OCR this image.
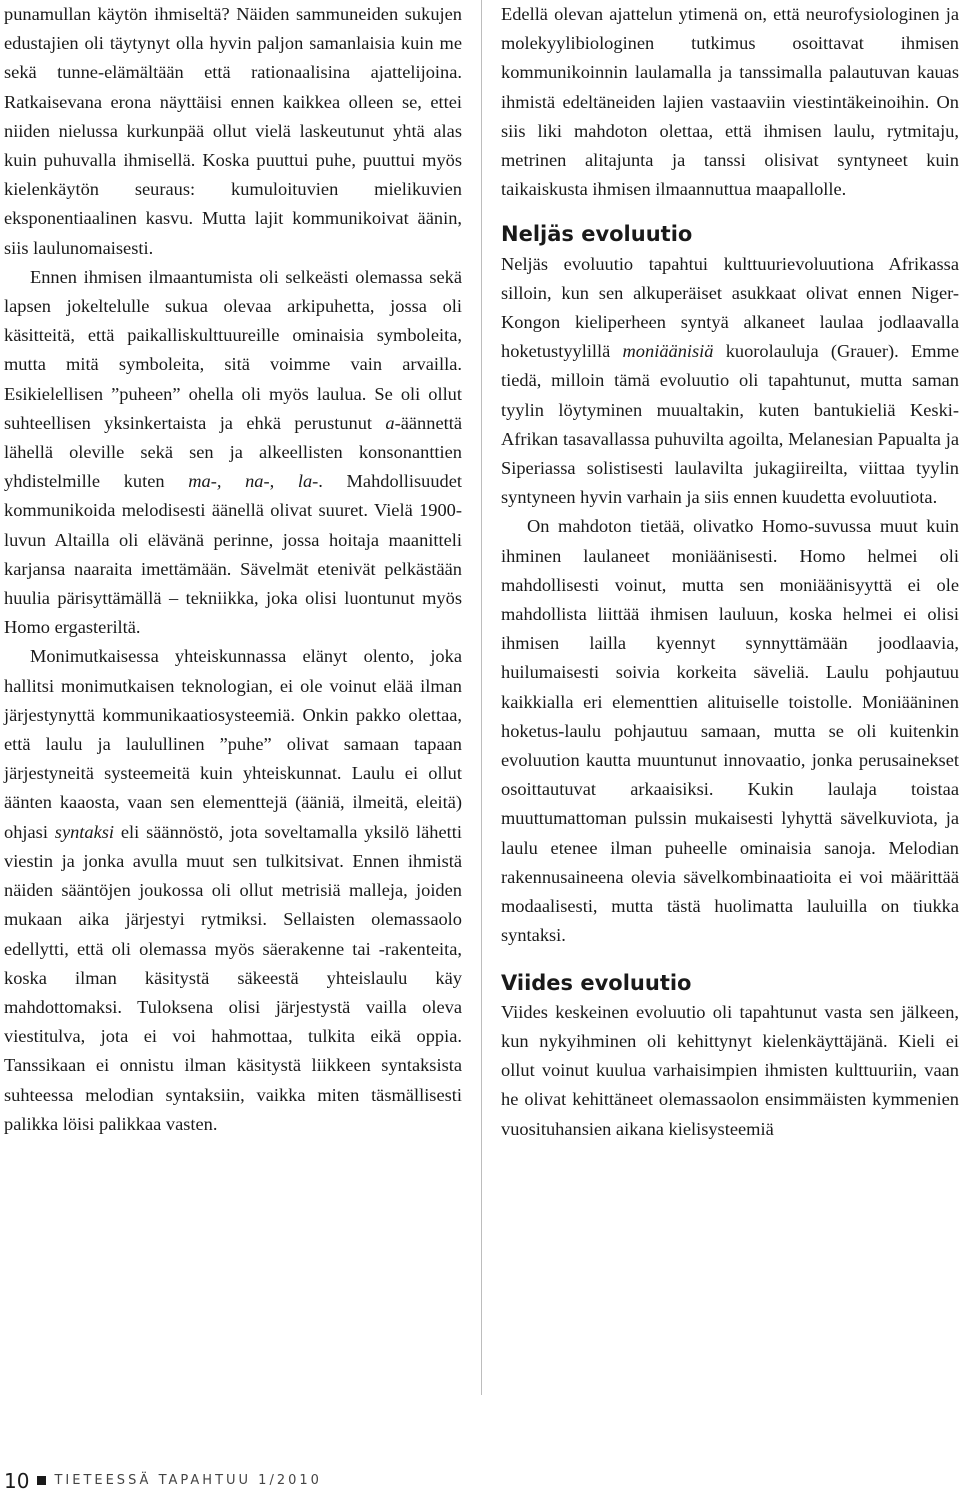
punamullan käytön ihmiseltä? Näiden sammuneiden sukujen edustajien oli täytynyt olla hyvin paljon samanlaisia kuin me sekä tunne-elämältään että rationaalisina ajattelijoina. Ratkaisevana erona näyttäisi ennen kaikkea olleen se, ettei niiden nielussa kurkunpää ollut vielä laskeutunut yhtä alas kuin puhuvalla ihmisellä. Koska puuttui puhe, puuttui myös kielenkäytön seuraus: kumuloituvien mielikuvien eksponentiaalinen kasvu. Mutta lajit kommunikoivat äänin, siis laulunomaisesti.

Ennen ihmisen ilmaantumista oli selkeästi olemassa sekä lapsen jokeltelulle sukua olevaa arkipuhetta, jossa oli käsitteitä, että paikalliskulttuureille ominaisia symboleita, mutta mitä symboleita, sitä voimme vain arvailla. Esikielellisen ”puheen” ohella oli myös laulua. Se oli ollut suhteellisen yksinkertaista ja ehkä perustunut a-äännettä lähellä oleville sekä sen ja alkeellisten konsonanttien yhdistelmille kuten ma-, na-, la-. Mahdollisuudet kommunikoida melodisesti äänellä olivat suuret. Vielä 1900-luvun Altailla oli elävänä perinne, jossa hoitaja maanitteli karjansa naaraita imettämään. Sävelmät etenivät pelkästään huulia pärisyttämällä – tekniikka, joka olisi luontunut myös Homo ergasteriltä.

Monimutkaisessa yhteiskunnassa elänyt olento, joka hallitsi monimutkaisen teknologian, ei ole voinut elää ilman järjestynyttä kommunikaatiosysteemiä. Onkin pakko olettaa, että laulu ja laulullinen ”puhe” olivat samaan tapaan järjestyneitä systeemeitä kuin yhteiskunnat. Laulu ei ollut äänten kaaosta, vaan sen elementtejä (ääniä, ilmeitä, eleitä) ohjasi syntaksi eli säännöstö, jota soveltamalla yksilö lähetti viestin ja jonka avulla muut sen tulkitsivat. Ennen ihmistä näiden sääntöjen joukossa oli ollut metrisiä malleja, joiden mukaan aika järjestyi rytmiksi. Sellaisten olemassaolo edellytti, että oli olemassa myös säerakenne tai -rakenteita, koska ilman käsitystä säkeestä yhteislaulu käy mahdottomaksi. Tuloksena olisi järjestystä vailla oleva viestitulva, jota ei voi hahmottaa, tulkita eikä oppia. Tanssikaan ei onnistu ilman käsitystä liikkeen syntaksista suhteessa melodian syntaksiin, vaikka miten täsmällisesti palikka löisi palikkaa vasten.

Edellä olevan ajattelun ytimenä on, että neurofysiologinen ja molekyylibiologinen tutkimus osoittavat ihmisen kommunikoinnin laulamalla ja tanssimalla palautuvan kauas ihmistä edeltäneiden lajien vastaaviin viestintäkeinoihin. On siis liki mahdoton olettaa, että ihmisen laulu, rytmitaju, metrinen alitajunta ja tanssi olisivat syntyneet kuin taikaiskusta ihmisen ilmaannuttua maapallolle.

Neljäs evoluutio

Neljäs evoluutio tapahtui kulttuurievoluutiona Afrikassa silloin, kun sen alkuperäiset asukkaat olivat ennen Niger-Kongon kieliperheen syntyä alkaneet laulaa jodlaavalla hoketustyylillä moniäänisiä kuorolauluja (Grauer). Emme tiedä, milloin tämä evoluutio oli tapahtunut, mutta saman tyylin löytyminen muualtakin, kuten bantukieliä Keski-Afrikan tasavallassa puhuvilta agoilta, Melanesian Papualta ja Siperiassa solistisesti laulavilta jukagiireilta, viittaa tyylin syntyneen hyvin varhain ja siis ennen kuudetta evoluutiota.

On mahdoton tietää, olivatko Homo-suvussa muut kuin ihminen laulaneet moniäänisesti. Homo helmei oli mahdollisesti voinut, mutta sen moniäänisyyttä ei ole mahdollista liittää ihmisen lauluun, koska helmei ei olisi ihmisen lailla kyennyt synnyttämään joodlaavia, huilumaisesti soivia korkeita säveliä. Laulu pohjautuu kaikkialla eri elementtien alituiselle toistolle. Moniääninen hoketus-laulu pohjautuu samaan, mutta se oli kuitenkin evoluution kautta muuntunut innovaatio, jonka perusainekset osoittautuvat arkaaisiksi. Kukin laulaja toistaa muuttumattoman pulssin mukaisesti lyhyttä sävelkuviota, ja laulu etenee ilman puheelle ominaisia sanoja. Melodian rakennusaineena olevia sävelkombinaatioita ei voi määrittää modaalisesti, mutta tästä huolimatta lauluilla on tiukka syntaksi.

Viides evoluutio

Viides keskeinen evoluutio oli tapahtunut vasta sen jälkeen, kun nykyihminen oli kehittynyt kielenkäyttäjänä. Kieli ei ollut voinut kuulua varhaisimpien ihmisten kulttuuriin, vaan he olivat kehittäneet olemassaolon ensimmäisten kymmenien vuosituhansien aikana kielisysteemiä

10 TIETEESSÄ TAPAHTUU 1/2010
